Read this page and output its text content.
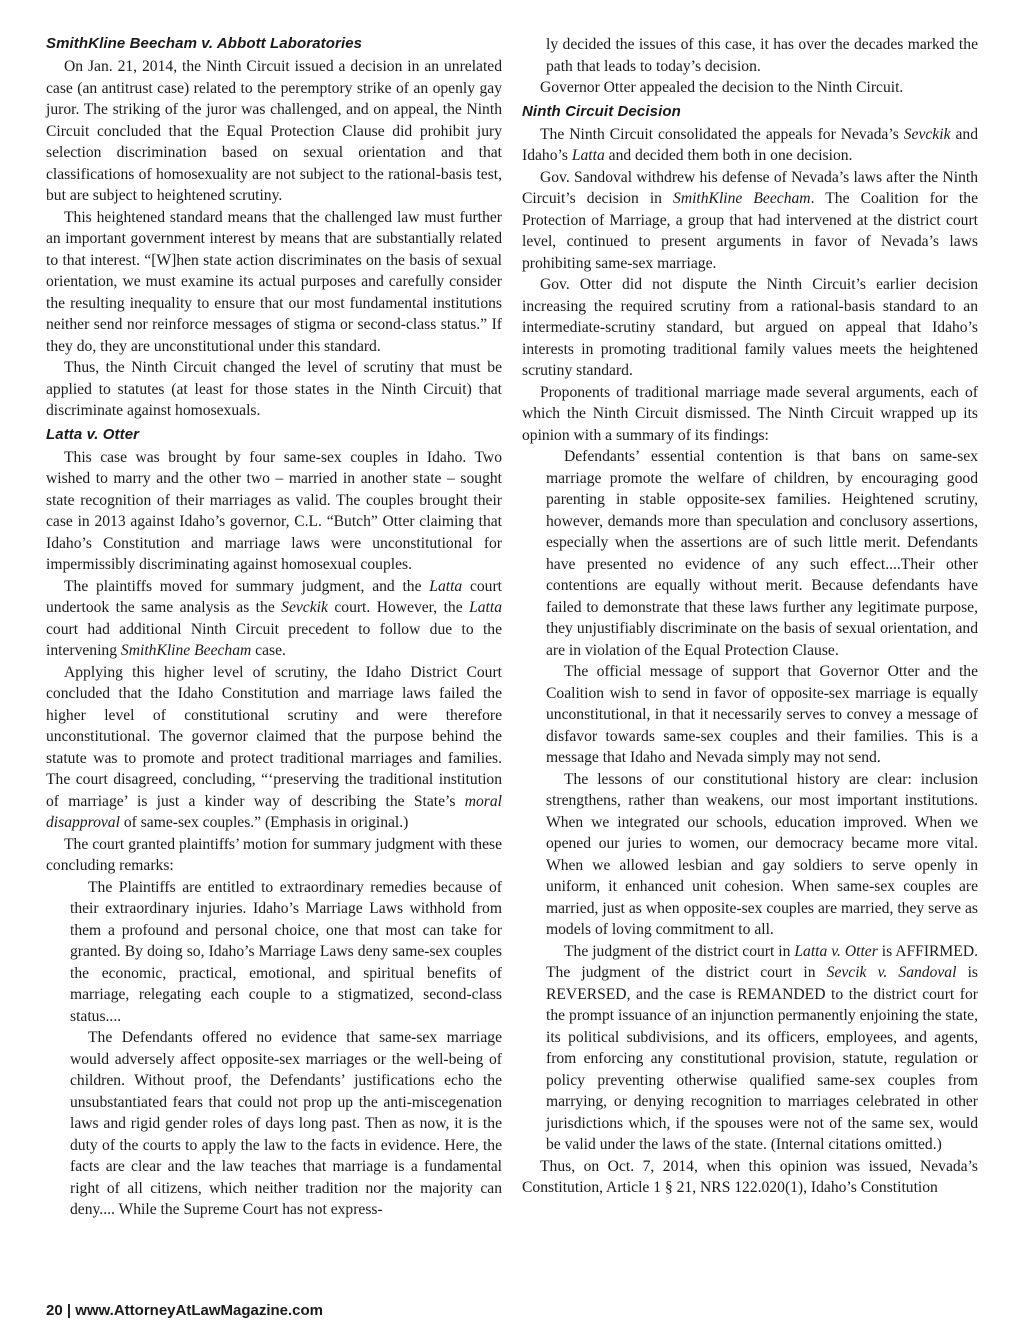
SmithKline Beecham v. Abbott Laboratories

On Jan. 21, 2014, the Ninth Circuit issued a decision in an unrelated case (an antitrust case) related to the peremptory strike of an openly gay juror. The striking of the juror was challenged, and on appeal, the Ninth Circuit concluded that the Equal Protection Clause did prohibit jury selection discrimination based on sexual orientation and that classifications of homosexuality are not subject to the rational-basis test, but are subject to heightened scrutiny.

This heightened standard means that the challenged law must further an important government interest by means that are substantially related to that interest. “[W]hen state action discriminates on the basis of sexual orientation, we must examine its actual purposes and carefully consider the resulting inequality to ensure that our most fundamental institutions neither send nor reinforce messages of stigma or second-class status.” If they do, they are unconstitutional under this standard.

Thus, the Ninth Circuit changed the level of scrutiny that must be applied to statutes (at least for those states in the Ninth Circuit) that discriminate against homosexuals.

Latta v. Otter

This case was brought by four same-sex couples in Idaho. Two wished to marry and the other two – married in another state – sought state recognition of their marriages as valid. The couples brought their case in 2013 against Idaho’s governor, C.L. “Butch” Otter claiming that Idaho’s Constitution and marriage laws were unconstitutional for impermissibly discriminating against homosexual couples.

The plaintiffs moved for summary judgment, and the Latta court undertook the same analysis as the Sevckik court. However, the Latta court had additional Ninth Circuit precedent to follow due to the intervening SmithKline Beecham case.

Applying this higher level of scrutiny, the Idaho District Court concluded that the Idaho Constitution and marriage laws failed the higher level of constitutional scrutiny and were therefore unconstitutional. The governor claimed that the purpose behind the statute was to promote and protect traditional marriages and families. The court disagreed, concluding, “‘preserving the traditional institution of marriage’ is just a kinder way of describing the State’s moral disapproval of same-sex couples.” (Emphasis in original.)

The court granted plaintiffs’ motion for summary judgment with these concluding remarks:

The Plaintiffs are entitled to extraordinary remedies because of their extraordinary injuries. Idaho’s Marriage Laws withhold from them a profound and personal choice, one that most can take for granted. By doing so, Idaho’s Marriage Laws deny same-sex couples the economic, practical, emotional, and spiritual benefits of marriage, relegating each couple to a stigmatized, second-class status....

The Defendants offered no evidence that same-sex marriage would adversely affect opposite-sex marriages or the well-being of children. Without proof, the Defendants’ justifications echo the unsubstantiated fears that could not prop up the anti-miscegenation laws and rigid gender roles of days long past. Then as now, it is the duty of the courts to apply the law to the facts in evidence. Here, the facts are clear and the law teaches that marriage is a fundamental right of all citizens, which neither tradition nor the majority can deny.... While the Supreme Court has not express-

ly decided the issues of this case, it has over the decades marked the path that leads to today’s decision.

Governor Otter appealed the decision to the Ninth Circuit.

Ninth Circuit Decision

The Ninth Circuit consolidated the appeals for Nevada’s Sevckik and Idaho’s Latta and decided them both in one decision.

Gov. Sandoval withdrew his defense of Nevada’s laws after the Ninth Circuit’s decision in SmithKline Beecham. The Coalition for the Protection of Marriage, a group that had intervened at the district court level, continued to present arguments in favor of Nevada’s laws prohibiting same-sex marriage.

Gov. Otter did not dispute the Ninth Circuit’s earlier decision increasing the required scrutiny from a rational-basis standard to an intermediate-scrutiny standard, but argued on appeal that Idaho’s interests in promoting traditional family values meets the heightened scrutiny standard.

Proponents of traditional marriage made several arguments, each of which the Ninth Circuit dismissed. The Ninth Circuit wrapped up its opinion with a summary of its findings:

Defendants’ essential contention is that bans on same-sex marriage promote the welfare of children, by encouraging good parenting in stable opposite-sex families. Heightened scrutiny, however, demands more than speculation and conclusory assertions, especially when the assertions are of such little merit. Defendants have presented no evidence of any such effect....Their other contentions are equally without merit. Because defendants have failed to demonstrate that these laws further any legitimate purpose, they unjustifiably discriminate on the basis of sexual orientation, and are in violation of the Equal Protection Clause.

The official message of support that Governor Otter and the Coalition wish to send in favor of opposite-sex marriage is equally unconstitutional, in that it necessarily serves to convey a message of disfavor towards same-sex couples and their families. This is a message that Idaho and Nevada simply may not send.

The lessons of our constitutional history are clear: inclusion strengthens, rather than weakens, our most important institutions. When we integrated our schools, education improved. When we opened our juries to women, our democracy became more vital. When we allowed lesbian and gay soldiers to serve openly in uniform, it enhanced unit cohesion. When same-sex couples are married, just as when opposite-sex couples are married, they serve as models of loving commitment to all.

The judgment of the district court in Latta v. Otter is AFFIRMED. The judgment of the district court in Sevcik v. Sandoval is REVERSED, and the case is REMANDED to the district court for the prompt issuance of an injunction permanently enjoining the state, its political subdivisions, and its officers, employees, and agents, from enforcing any constitutional provision, statute, regulation or policy preventing otherwise qualified same-sex couples from marrying, or denying recognition to marriages celebrated in other jurisdictions which, if the spouses were not of the same sex, would be valid under the laws of the state. (Internal citations omitted.)

Thus, on Oct. 7, 2014, when this opinion was issued, Nevada’s Constitution, Article 1 § 21, NRS 122.020(1), Idaho’s Constitution

20 | www.AttorneyAtLawMagazine.com
